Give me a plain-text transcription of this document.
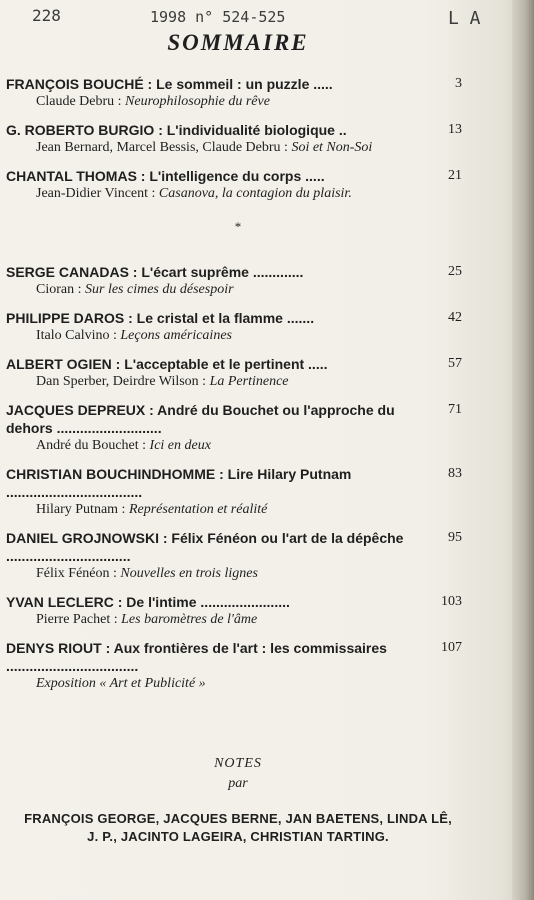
228	1998 n° 524-525	L A
SOMMAIRE
FRANÇOIS BOUCHÉ : Le sommeil : un puzzle .....
Claude Debru : Neurophilosophie du rêve
3
G. ROBERTO BURGIO : L'individualité biologique ..
Jean Bernard, Marcel Bessis, Claude Debru : Soi et Non-Soi
13
CHANTAL THOMAS : L'intelligence du corps .....
Jean-Didier Vincent : Casanova, la contagion du plaisir.
21
*
SERGE CANADAS : L'écart suprême .............
Cioran : Sur les cimes du désespoir
25
PHILIPPE DAROS : Le cristal et la flamme .......
Italo Calvino : Leçons américaines
42
ALBERT OGIEN : L'acceptable et le pertinent .....
Dan Sperber, Deirdre Wilson : La Pertinence
57
JACQUES DEPREUX : André du Bouchet ou l'approche du dehors ...........................
André du Bouchet : Ici en deux
71
CHRISTIAN BOUCHINDHOMME : Lire Hilary Putnam ...................................
Hilary Putnam : Représentation et réalité
83
DANIEL GROJNOWSKI : Félix Fénéon ou l'art de la dépêche ................................
Félix Fénéon : Nouvelles en trois lignes
95
YVAN LECLERC : De l'intime .......................
Pierre Pachet : Les baromètres de l'âme
103
DENYS RIOUT : Aux frontières de l'art : les commissaires ..................................
Exposition « Art et Publicité »
107
NOTES
par
FRANÇOIS GEORGE, JACQUES BERNE, JAN BAETENS, LINDA LÊ, J. P., JACINTO LAGEIRA, CHRISTIAN TARTING.
